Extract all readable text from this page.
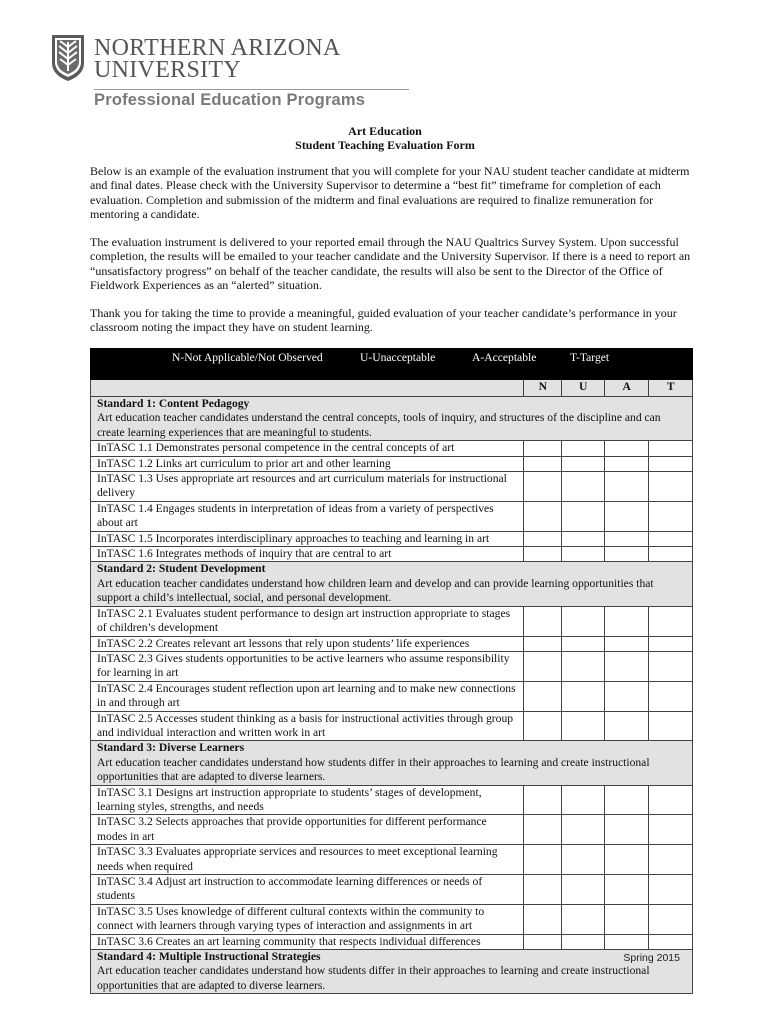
NORTHERN ARIZONA
UNIVERSITY
Professional Education Programs
Art Education
Student Teaching Evaluation Form
Below is an example of the evaluation instrument that you will complete for your NAU student teacher candidate at midterm and final dates. Please check with the University Supervisor to determine a “best fit” timeframe for completion of each evaluation. Completion and submission of the midterm and final evaluations are required to finalize remuneration for mentoring a candidate.
The evaluation instrument is delivered to your reported email through the NAU Qualtrics Survey System. Upon successful completion, the results will be emailed to your teacher candidate and the University Supervisor. If there is a need to report an “unsatisfactory progress” on behalf of the teacher candidate, the results will also be sent to the Director of the Office of Fieldwork Experiences as an “alerted” situation.
Thank you for taking the time to provide a meaningful, guided evaluation of your teacher candidate’s performance in your classroom noting the impact they have on student learning.
N-Not Applicable/Not Observed U-Unacceptable A-Acceptable T-Target				

	N	U	A	T

Standard 1: Content Pedagogy
Art education teacher candidates understand the central concepts, tools of inquiry, and structures of the discipline and can create learning experiences that are meaningful to students.				

InTASC 1.1 Demonstrates personal competence in the central concepts of art				
InTASC 1.2 Links art curriculum to prior art and other learning				
InTASC 1.3 Uses appropriate art resources and art curriculum materials for instructional delivery				
InTASC 1.4 Engages students in interpretation of ideas from a variety of perspectives about art				
InTASC 1.5 Incorporates interdisciplinary approaches to teaching and learning in art				
InTASC 1.6 Integrates methods of inquiry that are central to art				

Standard 2: Student Development
Art education teacher candidates understand how children learn and develop and can provide learning opportunities that support a child’s intellectual, social, and personal development.				

InTASC 2.1 Evaluates student performance to design art instruction appropriate to stages of children’s development				
InTASC 2.2 Creates relevant art lessons that rely upon students’ life experiences				
InTASC 2.3 Gives students opportunities to be active learners who assume responsibility for learning in art				
InTASC 2.4 Encourages student reflection upon art learning and to make new connections in and through art				
InTASC 2.5 Accesses student thinking as a basis for instructional activities through group and individual interaction and written work in art				

Standard 3: Diverse Learners
Art education teacher candidates understand how students differ in their approaches to learning and create instructional opportunities that are adapted to diverse learners.				

InTASC 3.1 Designs art instruction appropriate to students’ stages of development, learning styles, strengths, and needs				
InTASC 3.2 Selects approaches that provide opportunities for different performance modes in art				
InTASC 3.3 Evaluates appropriate services and resources to meet exceptional learning needs when required				
InTASC 3.4 Adjust art instruction to accommodate learning differences or needs of students				
InTASC 3.5 Uses knowledge of different cultural contexts within the community to connect with learners through varying types of interaction and assignments in art				
InTASC 3.6 Creates an art learning community that respects individual differences				

Standard 4: Multiple Instructional Strategies
Art education teacher candidates understand how students differ in their approaches to learning and create instructional opportunities that are adapted to diverse learners.				
Spring 2015
